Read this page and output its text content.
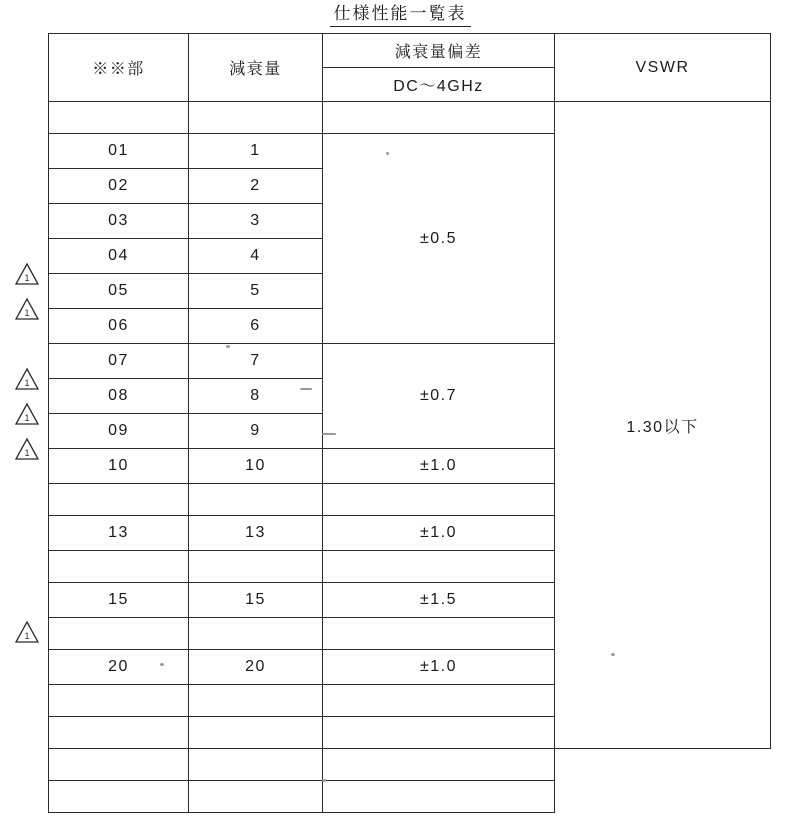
仕様性能一覧表
※※部	減衰量	減衰量偏差	VSWR
		DC〜4GHz	
			1.30以下
01	1	±0.5	
02	2		
03	3		
04	4		
05	5		
06	6		
07	7	±0.7	
08	8		
09	9		
10	10	±1.0	

13	13	±1.0	

15	15	±1.5	

20	20	±1.0	

1
1
1
1
1
1
